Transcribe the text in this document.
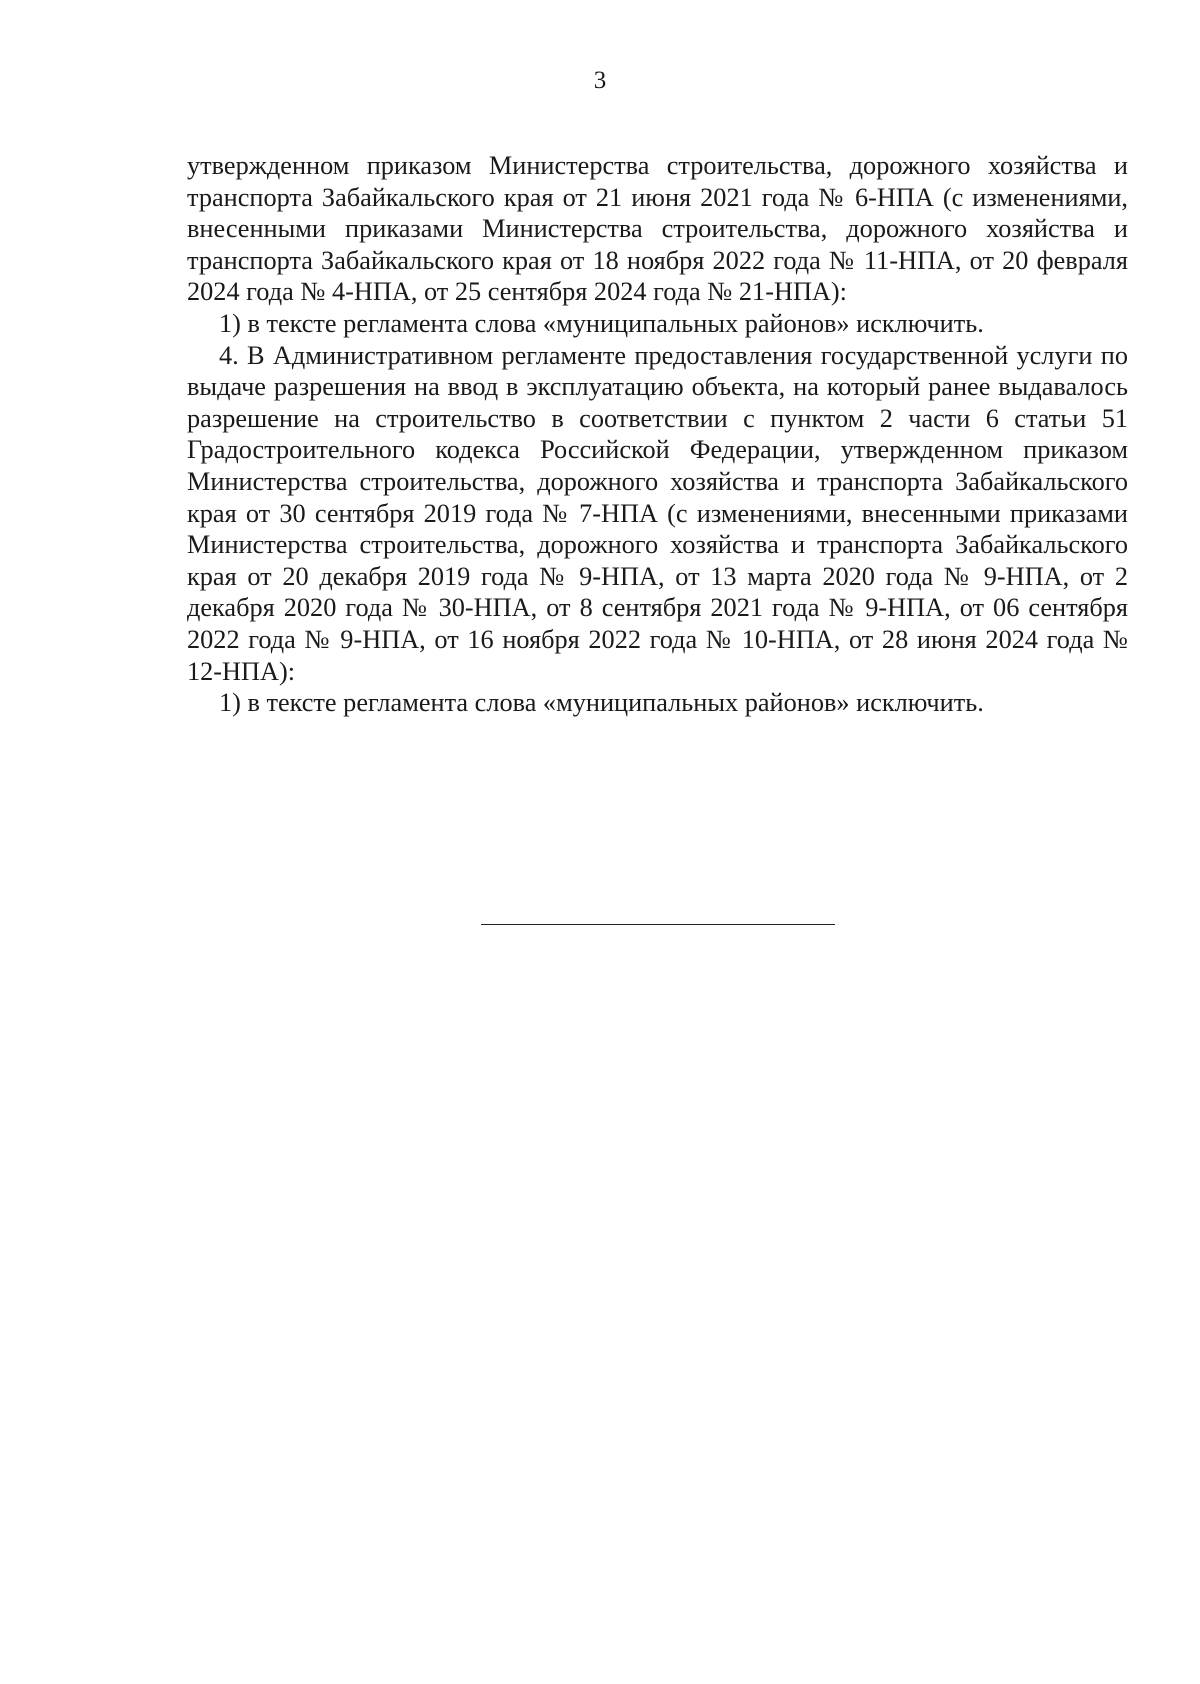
3

утвержденном приказом Министерства строительства, дорожного хозяйства и транспорта Забайкальского края от 21 июня 2021 года № 6-НПА (с изменениями, внесенными приказами Министерства строительства, дорожного хозяйства и транспорта Забайкальского края от 18 ноября 2022 года № 11-НПА, от 20 февраля 2024 года № 4-НПА, от 25 сентября 2024 года № 21-НПА):

1) в тексте регламента слова «муниципальных районов» исключить.

4. В Административном регламенте предоставления государственной услуги по выдаче разрешения на ввод в эксплуатацию объекта, на который ранее выдавалось разрешение на строительство в соответствии с пунктом 2 части 6 статьи 51 Градостроительного кодекса Российской Федерации, утвержденном приказом Министерства строительства, дорожного хозяйства и транспорта Забайкальского края от 30 сентября 2019 года № 7-НПА (с изменениями, внесенными приказами Министерства строительства, дорожного хозяйства и транспорта Забайкальского края от 20 декабря 2019 года № 9-НПА, от 13 марта 2020 года № 9-НПА, от 2 декабря 2020 года № 30-НПА, от 8 сентября 2021 года № 9-НПА, от 06 сентября 2022 года № 9-НПА, от 16 ноября 2022 года № 10-НПА, от 28 июня 2024 года № 12-НПА):

1) в тексте регламента слова «муниципальных районов» исключить.
